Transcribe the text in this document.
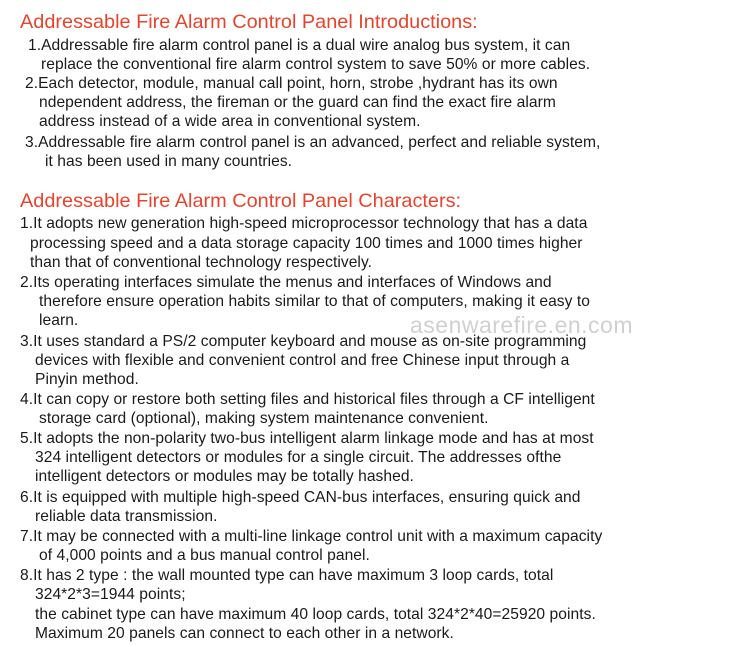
Addressable Fire Alarm Control Panel Introductions:
1.Addressable fire alarm control panel is a dual wire analog bus system, it can
replace the conventional fire alarm control system to save 50% or more cables.
2.Each detector, module, manual call point, horn, strobe ,hydrant has its own
ndependent address, the fireman or the guard can find the exact fire alarm
address instead of a wide area in conventional system.
3.Addressable fire alarm control panel is an advanced, perfect and reliable system,
it has been used in many countries.
Addressable Fire Alarm Control Panel Characters:
1.It adopts new generation high-speed microprocessor technology that has a data
processing speed and a data storage capacity 100 times and 1000 times higher
than that of conventional technology respectively.
2.Its operating interfaces simulate the menus and interfaces of Windows and
therefore ensure operation habits similar to that of computers, making it easy to
learn.
3.It uses standard a PS/2 computer keyboard and mouse as on-site programming
devices with flexible and convenient control and free Chinese input through a
Pinyin method.
4.It can copy or restore both setting files and historical files through a CF intelligent
storage card (optional), making system maintenance convenient.
5.It adopts the non-polarity two-bus intelligent alarm linkage mode and has at most
324 intelligent detectors or modules for a single circuit. The addresses ofthe
intelligent detectors or modules may be totally hashed.
6.It is equipped with multiple high-speed CAN-bus interfaces, ensuring quick and
reliable data transmission.
7.It may be connected with a multi-line linkage control unit with a maximum capacity
of 4,000 points and a bus manual control panel.
8.It has 2 type : the wall mounted type can have maximum 3 loop cards, total
324*2*3=1944 points;
the cabinet type can have maximum 40 loop cards, total 324*2*40=25920 points.
Maximum 20 panels can connect to each other in a network.
asenwarefire.en.com
